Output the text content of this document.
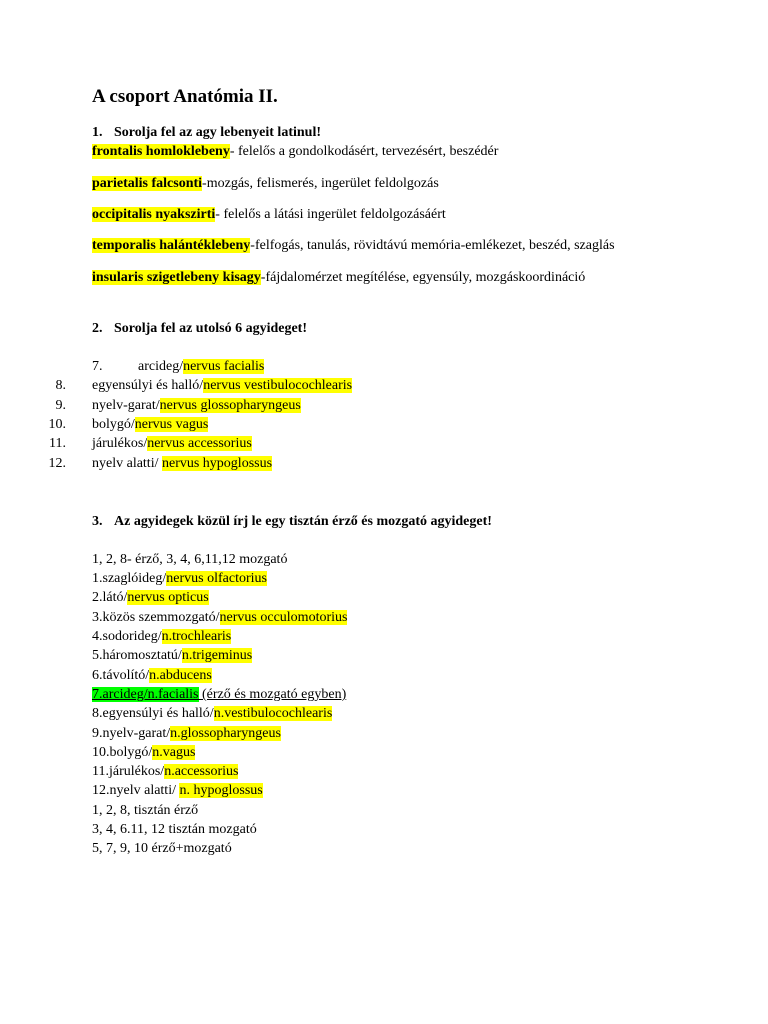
A csoport Anatómia II.
1. Sorolja fel az agy lebenyeit latinul!
frontalis homloklebeny- felelős a gondolkodásért, tervezésért, beszédér
parietalis falcsonti-mozgás, felismerés, ingerület feldolgozás
occipitalis nyakszirti- felelős a látási ingerület feldolgozásáért
temporalis halántéklebeny-felfogás, tanulás, rövidtávú memória-emlékezet, beszéd, szaglás
insularis szigetlebeny kisagy-fájdalomérzet megítélése, egyensúly, mozgáskoordináció
2. Sorolja fel az utolsó 6 agyideget!
7.	arcideg/nervus facialis
8. egyensúlyi és halló/nervus vestibulocochlearis
9. nyelv-garat/nervus glossopharyngeus
10. bolygó/nervus vagus
11. járulékos/nervus accessorius
12. nyelv alatti/ nervus hypoglossus
3. Az agyidegek közül írj le egy tisztán érző és mozgató agyideget!
1, 2, 8- érző, 3, 4, 6,11,12 mozgató
1.szaglóideg/nervus olfactorius
2.látó/nervus opticus
3.közös szemmozgató/nervus occulomotorius
4.sodorideg/n.trochlearis
5.háromosztatú/n.trigeminus
6.távolító/n.abducens
7.arcideg/n.facialis (érző és mozgató egyben)
8.egyensúlyi és halló/n.vestibulocochlearis
9.nyelv-garat/n.glossopharyngeus
10.bolygó/n.vagus
11.járulékos/n.accessorius
12.nyelv alatti/ n. hypoglossus
1, 2, 8, tisztán érző
3, 4, 6.11, 12 tisztán mozgató
5, 7, 9, 10 érző+mozgató
